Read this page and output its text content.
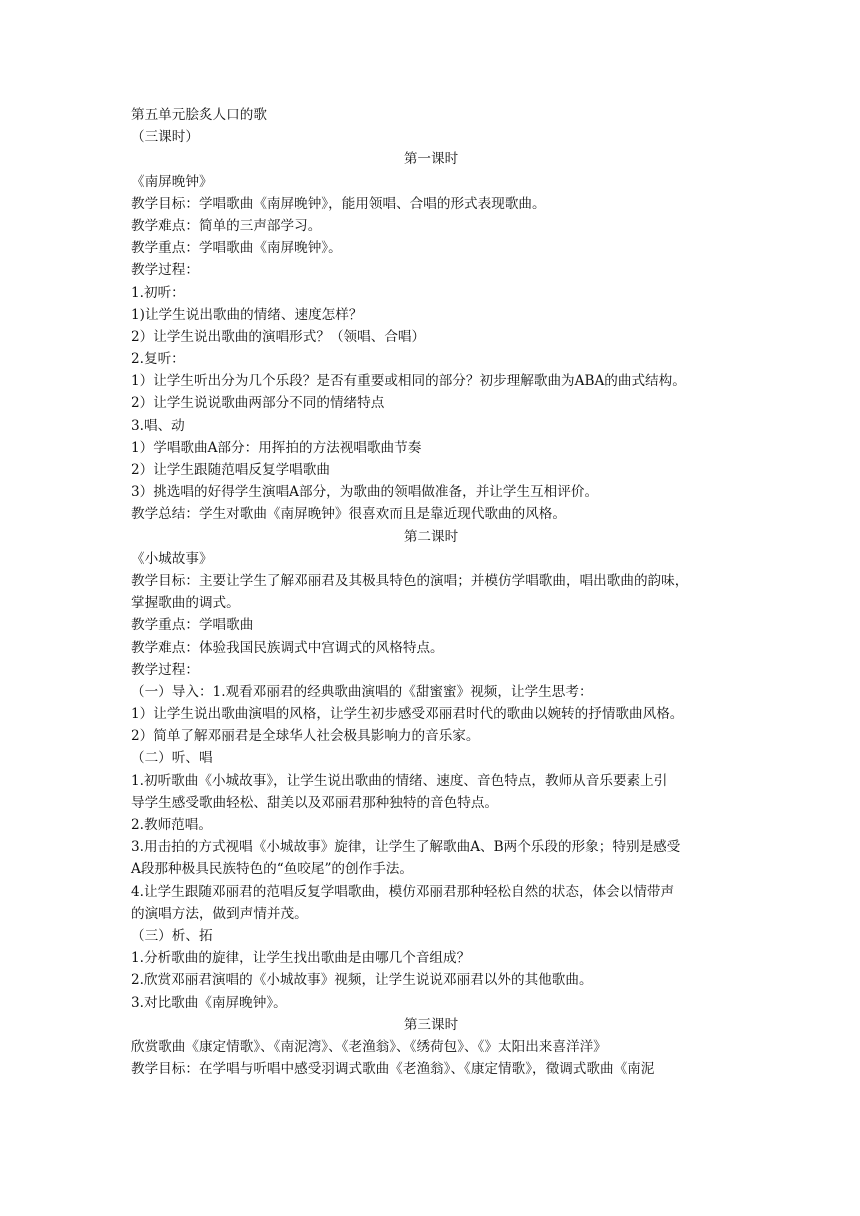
第五单元脍炙人口的歌
（三课时）
第一课时
《南屏晚钟》
教学目标：学唱歌曲《南屏晚钟》，能用领唱、合唱的形式表现歌曲。
教学难点：简单的三声部学习。
教学重点：学唱歌曲《南屏晚钟》。
教学过程：
1.初听：
1)让学生说出歌曲的情绪、速度怎样？
2）让学生说出歌曲的演唱形式？（领唱、合唱）
2.复听：
1）让学生听出分为几个乐段？是否有重要或相同的部分？初步理解歌曲为ABA的曲式结构。
2）让学生说说歌曲两部分不同的情绪特点
3.唱、动
1）学唱歌曲A部分：用挥拍的方法视唱歌曲节奏
2）让学生跟随范唱反复学唱歌曲
3）挑选唱的好得学生演唱A部分，为歌曲的领唱做准备，并让学生互相评价。
教学总结：学生对歌曲《南屏晚钟》很喜欢而且是靠近现代歌曲的风格。
第二课时
《小城故事》
教学目标：主要让学生了解邓丽君及其极具特色的演唱；并模仿学唱歌曲，唱出歌曲的韵味，
掌握歌曲的调式。
教学重点：学唱歌曲
教学难点：体验我国民族调式中宫调式的风格特点。
教学过程：
（一）导入：1.观看邓丽君的经典歌曲演唱的《甜蜜蜜》视频，让学生思考：
1）让学生说出歌曲演唱的风格，让学生初步感受邓丽君时代的歌曲以婉转的抒情歌曲风格。
2）简单了解邓丽君是全球华人社会极具影响力的音乐家。
（二）听、唱
1.初听歌曲《小城故事》，让学生说出歌曲的情绪、速度、音色特点，教师从音乐要素上引
导学生感受歌曲轻松、甜美以及邓丽君那种独特的音色特点。
2.教师范唱。
3.用击拍的方式视唱《小城故事》旋律，让学生了解歌曲A、B两个乐段的形象；特别是感受
A段那种极具民族特色的“鱼咬尾”的创作手法。
4.让学生跟随邓丽君的范唱反复学唱歌曲，模仿邓丽君那种轻松自然的状态，体会以情带声
的演唱方法，做到声情并茂。
（三）析、拓
1.分析歌曲的旋律，让学生找出歌曲是由哪几个音组成？
2.欣赏邓丽君演唱的《小城故事》视频，让学生说说邓丽君以外的其他歌曲。
3.对比歌曲《南屏晚钟》。
第三课时
欣赏歌曲《康定情歌》、《南泥湾》、《老渔翁》、《绣荷包》、《》太阳出来喜洋洋》
教学目标：在学唱与听唱中感受羽调式歌曲《老渔翁》、《康定情歌》，徵调式歌曲《南泥
